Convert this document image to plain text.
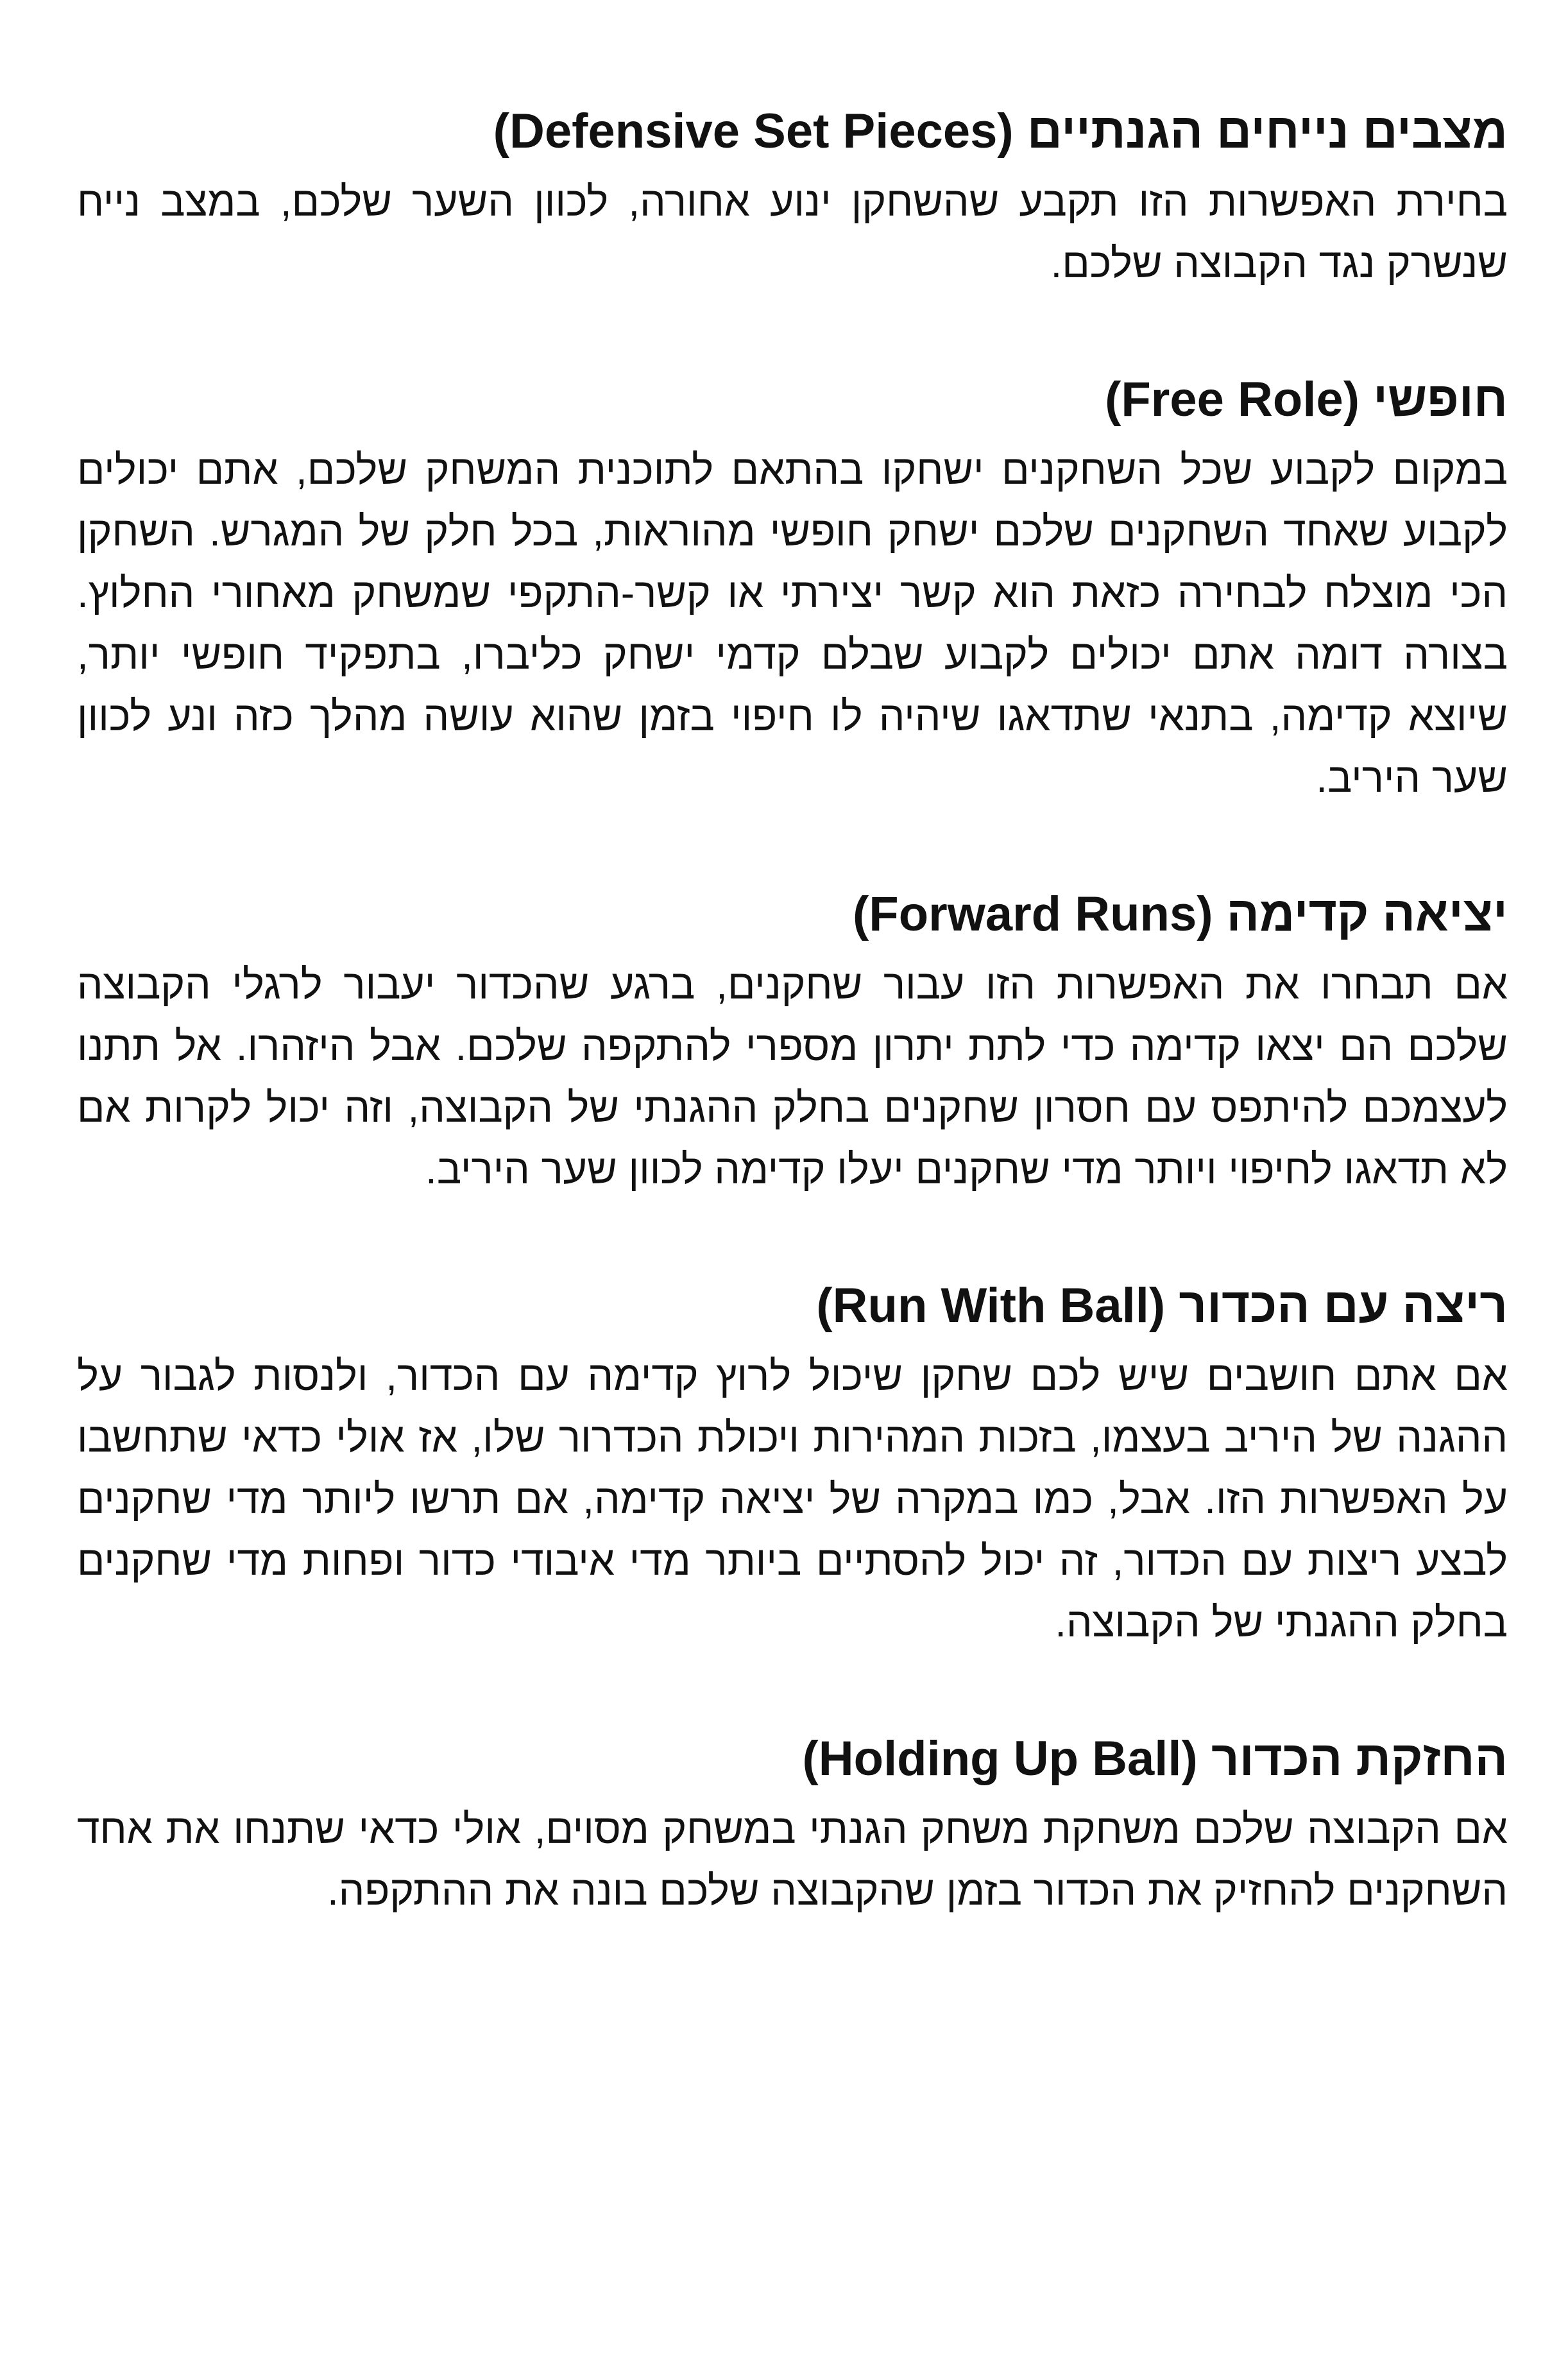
מצבים נייחים הגנתיים (Defensive Set Pieces)

בחירת האפשרות הזו תקבע שהשחקן ינוע אחורה, לכוון השער שלכם, במצב נייח שנשרק נגד הקבוצה שלכם.

חופשי (Free Role)

במקום לקבוע שכל השחקנים ישחקו בהתאם לתוכנית המשחק שלכם, אתם יכולים לקבוע שאחד השחקנים שלכם ישחק חופשי מהוראות, בכל חלק של המגרש. השחקן הכי מוצלח לבחירה כזאת הוא קשר יצירתי או קשר-התקפי שמשחק מאחורי החלוץ. בצורה דומה אתם יכולים לקבוע שבלם קדמי ישחק כליברו, בתפקיד חופשי יותר, שיוצא קדימה, בתנאי שתדאגו שיהיה לו חיפוי בזמן שהוא עושה מהלך כזה ונע לכוון שער היריב.

יציאה קדימה (Forward Runs)

אם תבחרו את האפשרות הזו עבור שחקנים, ברגע שהכדור יעבור לרגלי הקבוצה שלכם הם יצאו קדימה כדי לתת יתרון מספרי להתקפה שלכם. אבל היזהרו. אל תתנו לעצמכם להיתפס עם חסרון שחקנים בחלק ההגנתי של הקבוצה, וזה יכול לקרות אם לא תדאגו לחיפוי ויותר מדי שחקנים יעלו קדימה לכוון שער היריב.

ריצה עם הכדור (Run With Ball)

אם אתם חושבים שיש לכם שחקן שיכול לרוץ קדימה עם הכדור, ולנסות לגבור על ההגנה של היריב בעצמו, בזכות המהירות ויכולת הכדרור שלו, אז אולי כדאי שתחשבו על האפשרות הזו. אבל, כמו במקרה של יציאה קדימה, אם תרשו ליותר מדי שחקנים לבצע ריצות עם הכדור, זה יכול להסתיים ביותר מדי איבודי כדור ופחות מדי שחקנים בחלק ההגנתי של הקבוצה.

החזקת הכדור (Holding Up Ball)

אם הקבוצה שלכם משחקת משחק הגנתי במשחק מסוים, אולי כדאי שתנחו את אחד השחקנים להחזיק את הכדור בזמן שהקבוצה שלכם בונה את ההתקפה.
